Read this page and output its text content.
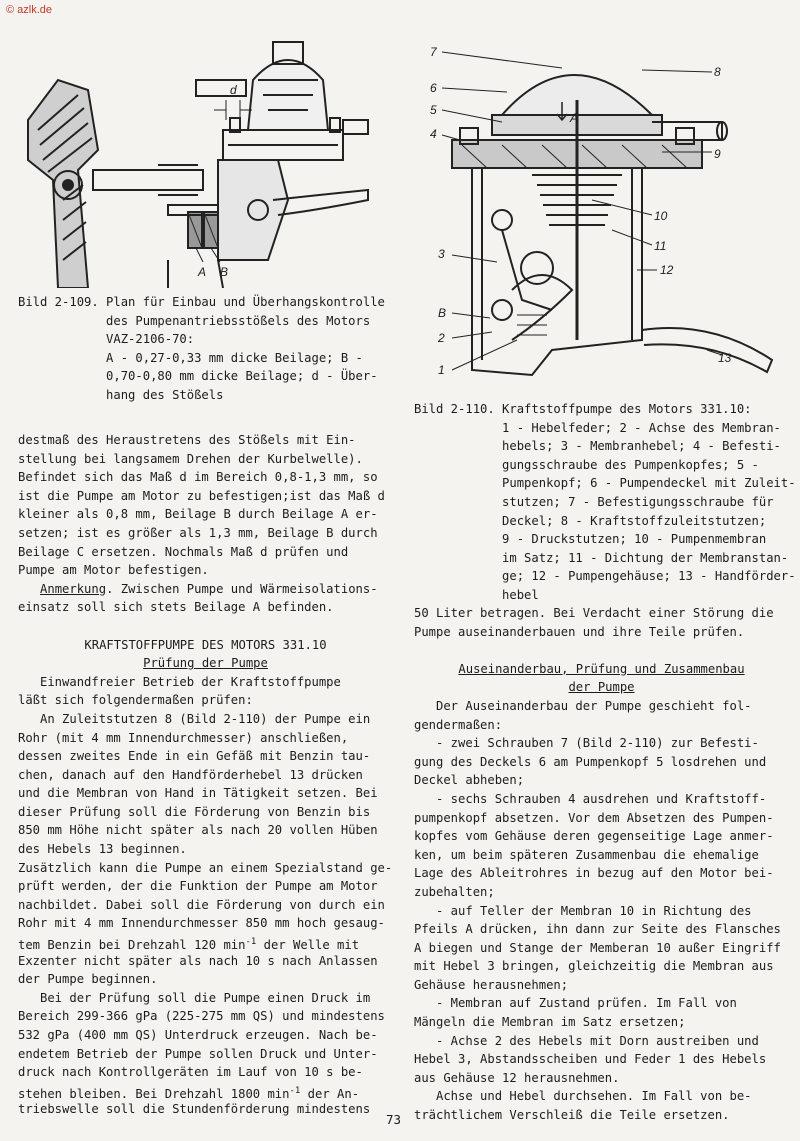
© azlk.de
d
A B
7
8
6
A
5
4
9
10
11
3
12
B
2
1
13
Bild 2-109. Plan für Einbau und Überhangskontrolle
des Pumpenantriebsstößels des Motors
VAZ-2106-70:
A - 0,27-0,33 mm dicke Beilage; B -
0,70-0,80 mm dicke Beilage; d - Über-
hang des Stößels
Bild 2-110. Kraftstoffpumpe des Motors 331.10:
1 - Hebelfeder; 2 - Achse des Membran-
hebels; 3 - Membranhebel; 4 - Befesti-
gungsschraube des Pumpenkopfes; 5 -
Pumpenkopf; 6 - Pumpendeckel mit Zuleit-
stutzen; 7 - Befestigungsschraube für
Deckel; 8 - Kraftstoffzuleitstutzen;
9 - Druckstutzen; 10 - Pumpenmembran
im Satz; 11 - Dichtung der Membranstan-
ge; 12 - Pumpengehäuse; 13 - Handförder-
hebel
destmaß des Heraustretens des Stößels mit Ein-
stellung bei langsamem Drehen der Kurbelwelle).
Befindet sich das Maß d im Bereich 0,8-1,3 mm, so
ist die Pumpe am Motor zu befestigen;ist das Maß d
kleiner als 0,8 mm, Beilage B durch Beilage A er-
setzen; ist es größer als 1,3 mm, Beilage B durch
Beilage C ersetzen. Nochmals Maß d prüfen und
Pumpe am Motor befestigen.
Anmerkung. Zwischen Pumpe und Wärmeisolations-
einsatz soll sich stets Beilage A befinden.
KRAFTSTOFFPUMPE DES MOTORS 331.10
Prüfung der Pumpe
Einwandfreier Betrieb der Kraftstoffpumpe
läßt sich folgendermaßen prüfen:
An Zuleitstutzen 8 (Bild 2-110) der Pumpe ein
Rohr (mit 4 mm Innendurchmesser) anschließen,
dessen zweites Ende in ein Gefäß mit Benzin tau-
chen, danach auf den Handförderhebel 13 drücken
und die Membran von Hand in Tätigkeit setzen. Bei
dieser Prüfung soll die Förderung von Benzin bis
850 mm Höhe nicht später als nach 20 vollen Hüben
des Hebels 13 beginnen.
Zusätzlich kann die Pumpe an einem Spezialstand ge-
prüft werden, der die Funktion der Pumpe am Motor
nachbildet. Dabei soll die Förderung von durch ein
Rohr mit 4 mm Innendurchmesser 850 mm hoch gesaug-
tem Benzin bei Drehzahl 120 $\min^{-1}$ der Welle mit
Exzenter nicht später als nach 10 s nach Anlassen
der Pumpe beginnen.
Bei der Prüfung soll die Pumpe einen Druck im
Bereich 299-366 gPa (225-275 mm QS) und mindestens
532 gPa (400 mm QS) Unterdruck erzeugen. Nach be-
endetem Betrieb der Pumpe sollen Druck und Unter-
druck nach Kontrollgeräten im Lauf von 10 s be-
stehen bleiben. Bei Drehzahl 1800 $\min^{-1}$ der An-
triebswelle soll die Stundenförderung mindestens
50 Liter betragen. Bei Verdacht einer Störung die
Pumpe auseinanderbauen und ihre Teile prüfen.
Auseinanderbau, Prüfung und Zusammenbau
der Pumpe
Der Auseinanderbau der Pumpe geschieht fol-
gendermaßen:
- zwei Schrauben 7 (Bild 2-110) zur Befesti-
gung des Deckels 6 am Pumpenkopf 5 losdrehen und
Deckel abheben;
- sechs Schrauben 4 ausdrehen und Kraftstoff-
pumpenkopf absetzen. Vor dem Absetzen des Pumpen-
kopfes vom Gehäuse deren gegenseitige Lage anmer-
ken, um beim späteren Zusammenbau die ehemalige
Lage des Ableitrohres in bezug auf den Motor bei-
zubehalten;
- auf Teller der Membran 10 in Richtung des
Pfeils A drücken, ihn dann zur Seite des Flansches
A biegen und Stange der Memberan 10 außer Eingriff
mit Hebel 3 bringen, gleichzeitig die Membran aus
Gehäuse herausnehmen;
- Membran auf Zustand prüfen. Im Fall von
Mängeln die Membran im Satz ersetzen;
- Achse 2 des Hebels mit Dorn austreiben und
Hebel 3, Abstandsscheiben und Feder 1 des Hebels
aus Gehäuse 12 herausnehmen.
Achse und Hebel durchsehen. Im Fall von be-
trächtlichem Verschleiß die Teile ersetzen.
73
